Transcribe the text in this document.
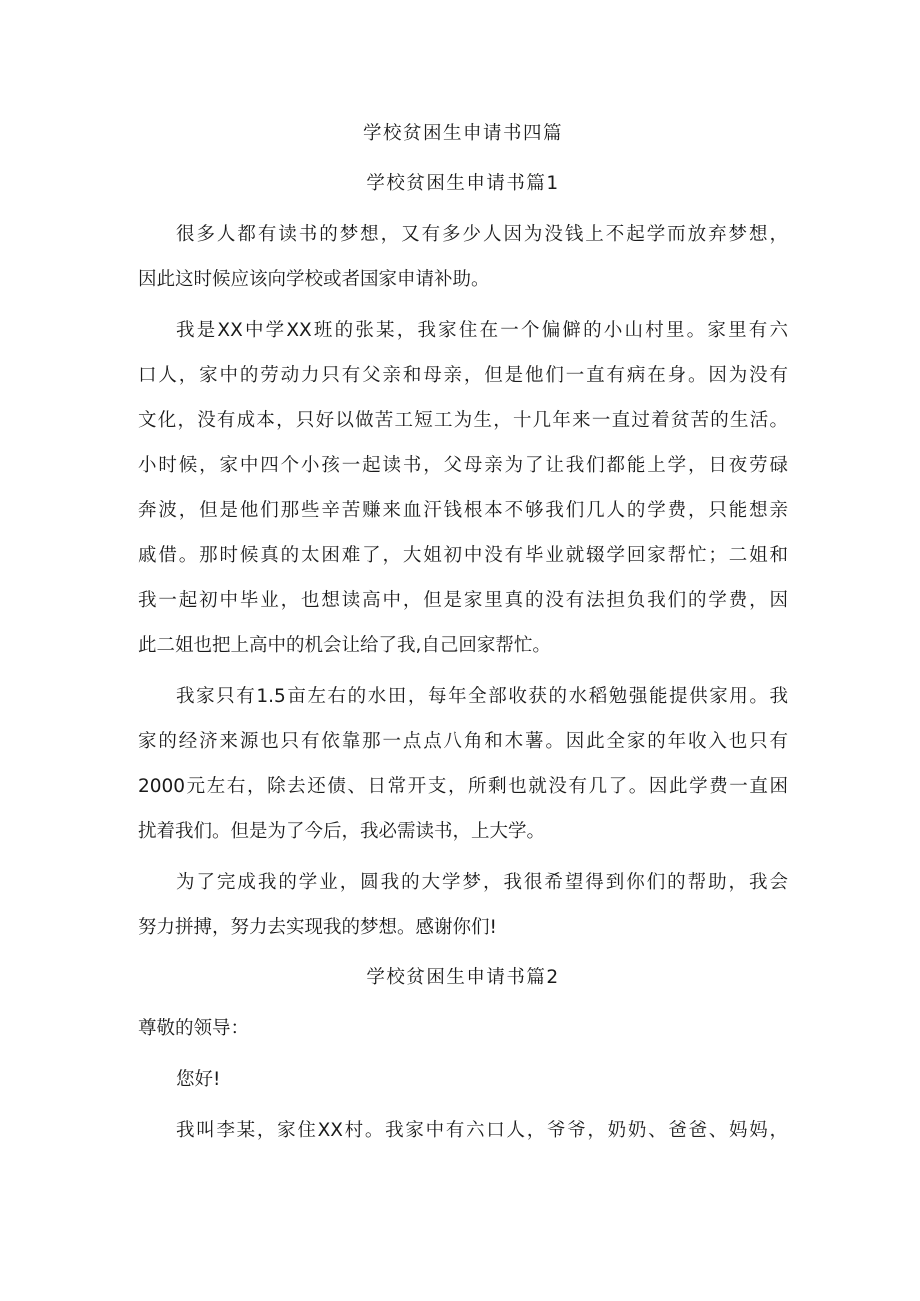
学校贫困生申请书四篇
学校贫困生申请书篇1
很多人都有读书的梦想，又有多少人因为没钱上不起学而放弃梦想，
因此这时候应该向学校或者国家申请补助。
我是XX中学XX班的张某，我家住在一个偏僻的小山村里。家里有六
口人，家中的劳动力只有父亲和母亲，但是他们一直有病在身。因为没有
文化，没有成本，只好以做苦工短工为生，十几年来一直过着贫苦的生活。
小时候，家中四个小孩一起读书，父母亲为了让我们都能上学，日夜劳碌
奔波，但是他们那些辛苦赚来血汗钱根本不够我们几人的学费，只能想亲
戚借。那时候真的太困难了，大姐初中没有毕业就辍学回家帮忙；二姐和
我一起初中毕业，也想读高中，但是家里真的没有法担负我们的学费，因
此二姐也把上高中的机会让给了我,自己回家帮忙。
我家只有1.5亩左右的水田，每年全部收获的水稻勉强能提供家用。我
家的经济来源也只有依靠那一点点八角和木薯。因此全家的年收入也只有
2000元左右，除去还债、日常开支，所剩也就没有几了。因此学费一直困
扰着我们。但是为了今后，我必需读书，上大学。
为了完成我的学业，圆我的大学梦，我很希望得到你们的帮助，我会
努力拼搏，努力去实现我的梦想。感谢你们!
学校贫困生申请书篇2
尊敬的领导：
您好!
我叫李某，家住XX村。我家中有六口人，爷爷，奶奶、爸爸、妈妈，
